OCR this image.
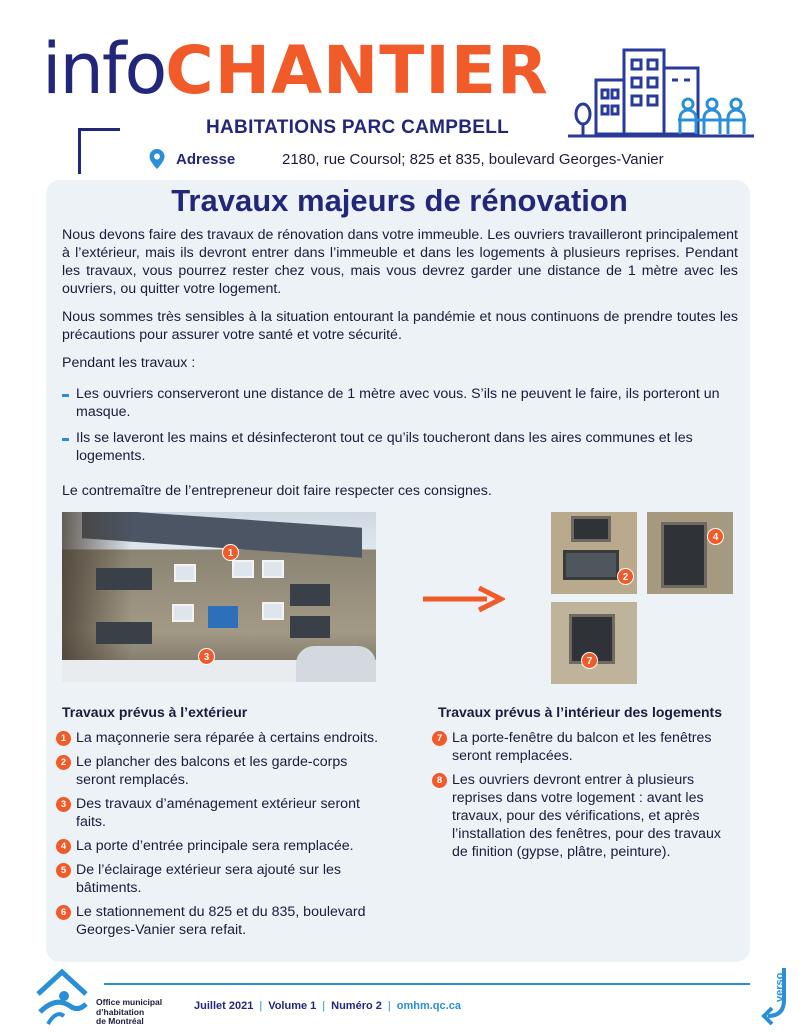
infoCHANTIER
HABITATIONS PARC CAMPBELL
Adresse	2180, rue Coursol; 825 et 835, boulevard Georges-Vanier
Travaux majeurs de rénovation

Nous devons faire des travaux de rénovation dans votre immeuble. Les ouvriers travailleront principalement à l’extérieur, mais ils devront entrer dans l’immeuble et dans les logements à plusieurs reprises. Pendant les travaux, vous pourrez rester chez vous, mais vous devrez garder une distance de 1 mètre avec les ouvriers, ou quitter votre logement.

Nous sommes très sensibles à la situation entourant la pandémie et nous continuons de prendre toutes les précautions pour assurer votre santé et votre sécurité.

Pendant les travaux :

Les ouvriers conserveront une distance de 1 mètre avec vous. S’ils ne peuvent le faire, ils porteront un masque.
Ils se laveront les mains et désinfecteront tout ce qu’ils toucheront dans les aires communes et les logements.

Le contremaître de l’entrepreneur doit faire respecter ces consignes.

1
3
2
4
7
Travaux prévus à l’extérieur
1 La maçonnerie sera réparée à certains endroits.
2 Le plancher des balcons et les garde-corps seront remplacés.
3 Des travaux d’aménagement extérieur seront faits.
4 La porte d’entrée principale sera remplacée.
5 De l’éclairage extérieur sera ajouté sur les bâtiments.
6 Le stationnement du 825 et du 835, boulevard Georges-Vanier sera refait.
Travaux prévus à l’intérieur des logements
7 La porte-fenêtre du balcon et les fenêtres seront remplacées.
8 Les ouvriers devront entrer à plusieurs reprises dans votre logement : avant les travaux, pour des vérifications, et après l’installation des fenêtres, pour des travaux de finition (gypse, plâtre, peinture).
Office municipal
d’habitation
de Montréal
Juillet 2021 | Volume 1 | Numéro 2 | omhm.qc.ca
verso
